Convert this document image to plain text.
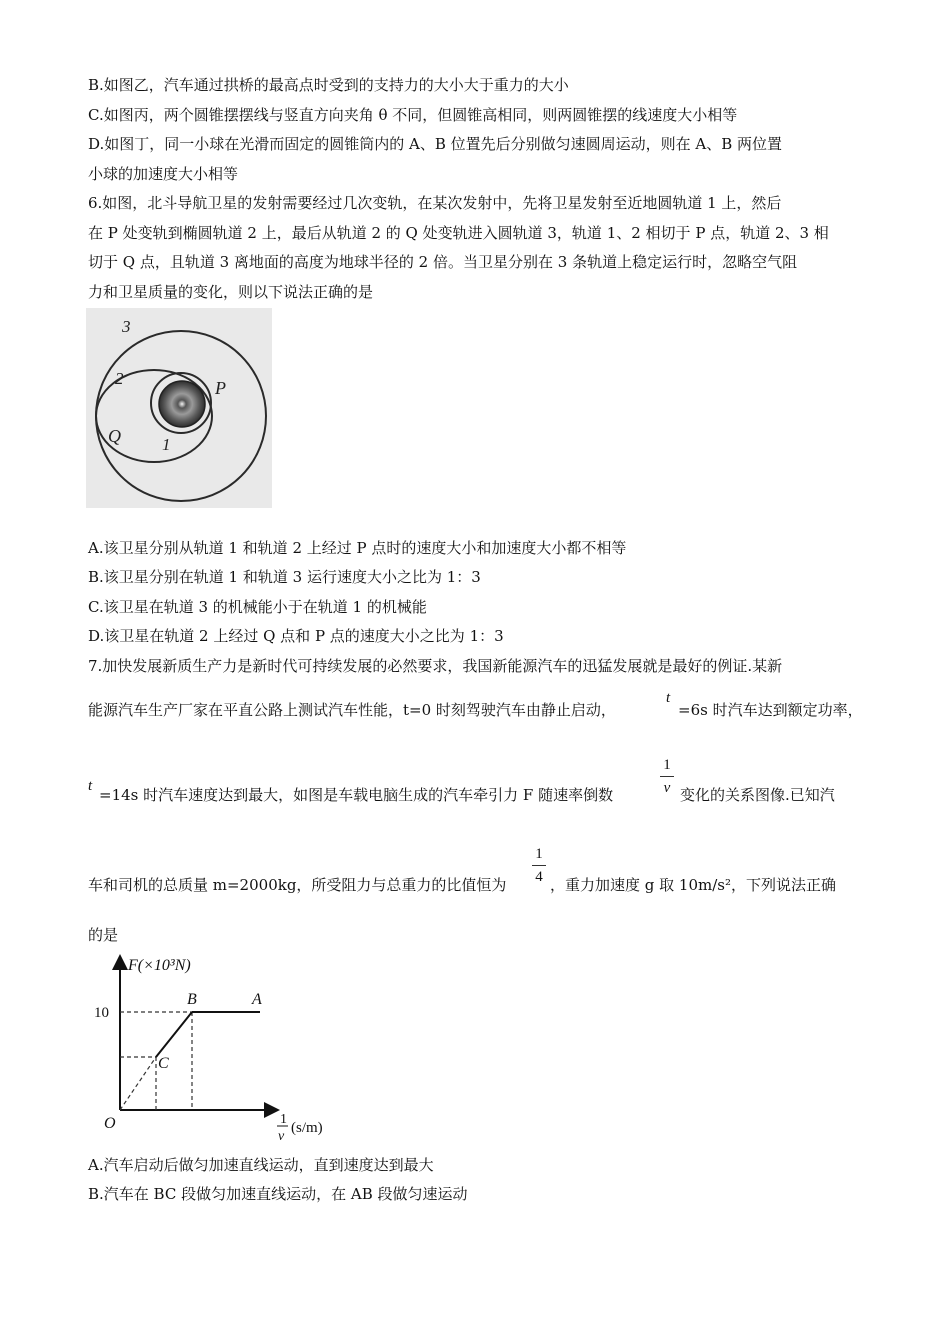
B.如图乙，汽车通过拱桥的最高点时受到的支持力的大小大于重力的大小
C.如图丙，两个圆锥摆摆线与竖直方向夹角 θ 不同，但圆锥高相同，则两圆锥摆的线速度大小相等
D.如图丁，同一小球在光滑而固定的圆锥筒内的 A、B 位置先后分别做匀速圆周运动，则在 A、B 两位置
小球的加速度大小相等
6.如图，北斗导航卫星的发射需要经过几次变轨，在某次发射中，先将卫星发射至近地圆轨道 1 上，然后
在 P 处变轨到椭圆轨道 2 上，最后从轨道 2 的 Q 处变轨进入圆轨道 3，轨道 1、2 相切于 P 点，轨道 2、3 相
切于 Q 点，且轨道 3 离地面的高度为地球半径的 2 倍。当卫星分别在 3 条轨道上稳定运行时，忽略空气阻
力和卫星质量的变化，则以下说法正确的是
3
2
1
P
Q
A.该卫星分别从轨道 1 和轨道 2 上经过 P 点时的速度大小和加速度大小都不相等
B.该卫星分别在轨道 1 和轨道 3 运行速度大小之比为 1：3
C.该卫星在轨道 3 的机械能小于在轨道 1 的机械能
D.该卫星在轨道 2 上经过 Q 点和 P 点的速度大小之比为 1：3
7.加快发展新质生产力是新时代可持续发展的必然要求，我国新能源汽车的迅猛发展就是最好的例证.某新
能源汽车生产厂家在平直公路上测试汽车性能，t=0 时刻驾驶汽车由静止启动，
t
=6s 时汽车达到额定功率，
t =14s 时汽车速度达到最大，如图是车载电脑生成的汽车牵引力 F 随速率倒数
1
v 变化的关系图像.已知汽
车和司机的总质量 m=2000kg，所受阻力与总重力的比值恒为
1
4 ，重力加速度 g 取 10m/s²，下列说法正确
的是
F(×10³N)
10
O
B	A
C
1
v
(s/m)
A.汽车启动后做匀加速直线运动，直到速度达到最大
B.汽车在 BC 段做匀加速直线运动，在 AB 段做匀速运动
